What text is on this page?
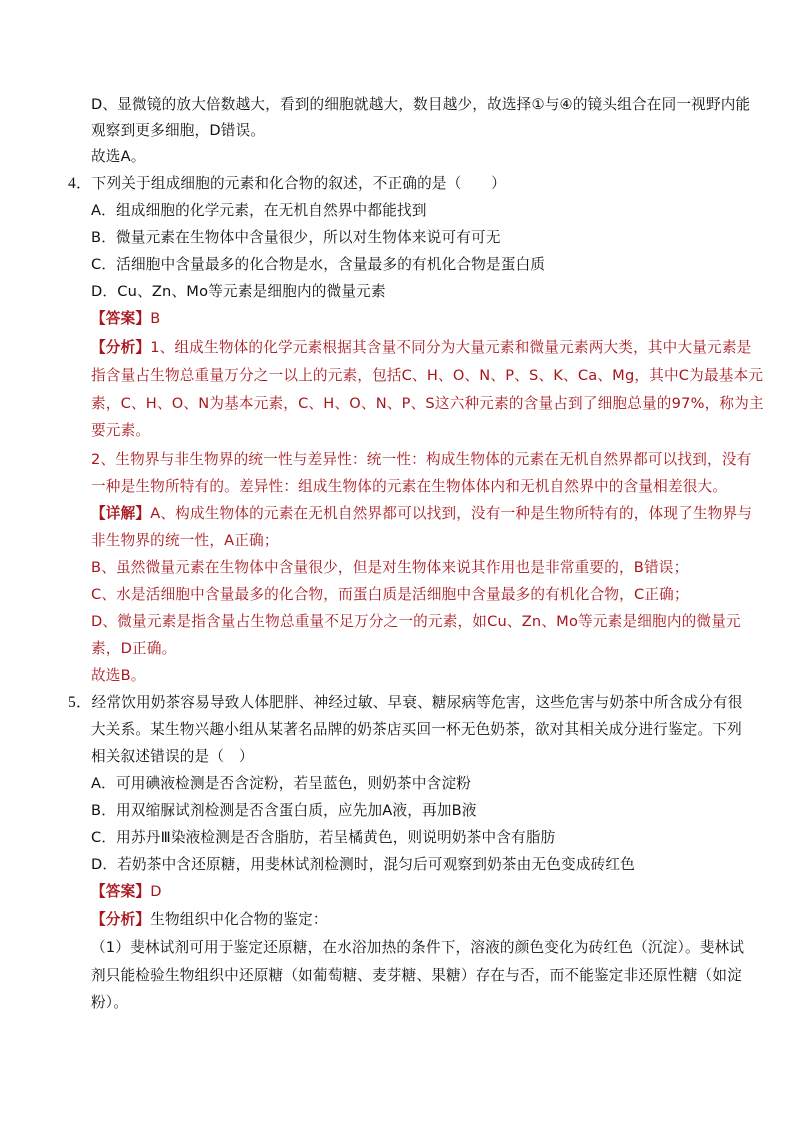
D、显微镜的放大倍数越大，看到的细胞就越大，数目越少，故选择①与④的镜头组合在同一视野内能
观察到更多细胞，D错误。
故选A。
4．下列关于组成细胞的元素和化合物的叙述，不正确的是（　　）
A．组成细胞的化学元素，在无机自然界中都能找到
B．微量元素在生物体中含量很少，所以对生物体来说可有可无
C．活细胞中含量最多的化合物是水，含量最多的有机化合物是蛋白质
D．Cu、Zn、Mo等元素是细胞内的微量元素
【答案】B
【分析】1、组成生物体的化学元素根据其含量不同分为大量元素和微量元素两大类，其中大量元素是
指含量占生物总重量万分之一以上的元素，包括C、H、O、N、P、S、K、Ca、Mg，其中C为最基本元
素，C、H、O、N为基本元素，C、H、O、N、P、S这六种元素的含量占到了细胞总量的97%，称为主
要元素。
2、生物界与非生物界的统一性与差异性：统一性：构成生物体的元素在无机自然界都可以找到，没有
一种是生物所特有的。差异性：组成生物体的元素在生物体体内和无机自然界中的含量相差很大。
【详解】A、构成生物体的元素在无机自然界都可以找到，没有一种是生物所特有的，体现了生物界与
非生物界的统一性，A正确；
B、虽然微量元素在生物体中含量很少，但是对生物体来说其作用也是非常重要的，B错误；
C、水是活细胞中含量最多的化合物，而蛋白质是活细胞中含量最多的有机化合物，C正确；
D、微量元素是指含量占生物总重量不足万分之一的元素，如Cu、Zn、Mo等元素是细胞内的微量元
素，D正确。
故选B。
5．经常饮用奶茶容易导致人体肥胖、神经过敏、早衰、糖尿病等危害，这些危害与奶茶中所含成分有很
大关系。某生物兴趣小组从某著名品牌的奶茶店买回一杯无色奶茶，欲对其相关成分进行鉴定。下列
相关叙述错误的是（　）
A．可用碘液检测是否含淀粉，若呈蓝色，则奶茶中含淀粉
B．用双缩脲试剂检测是否含蛋白质，应先加A液，再加B液
C．用苏丹Ⅲ染液检测是否含脂肪，若呈橘黄色，则说明奶茶中含有脂肪
D．若奶茶中含还原糖，用斐林试剂检测时，混匀后可观察到奶茶由无色变成砖红色
【答案】D
【分析】生物组织中化合物的鉴定：
（1）斐林试剂可用于鉴定还原糖，在水浴加热的条件下，溶液的颜色变化为砖红色（沉淀）。斐林试
剂只能检验生物组织中还原糖（如葡萄糖、麦芽糖、果糖）存在与否，而不能鉴定非还原性糖（如淀
粉）。
